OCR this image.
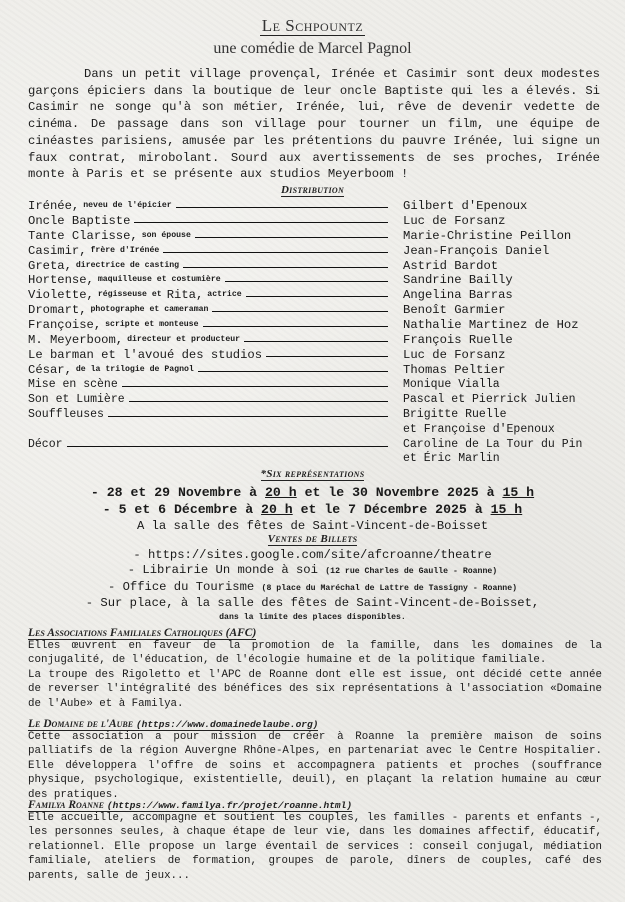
Le Schpountz
une comédie de Marcel Pagnol

Dans un petit village provençal, Irénée et Casimir sont deux modestes garçons épiciers dans la boutique de leur oncle Baptiste qui les a élevés. Si Casimir ne songe qu'à son métier, Irénée, lui, rêve de devenir vedette de cinéma. De passage dans son village pour tourner un film, une équipe de cinéastes parisiens, amusée par les prétentions du pauvre Irénée, lui signe un faux contrat, mirobolant. Sourd aux avertissements de ses proches, Irénée monte à Paris et se présente aux studios Meyerboom !

Distribution
Irénée, neveu de l'épicier	Gilbert d'Epenoux
Oncle Baptiste	Luc de Forsanz
Tante Clarisse, son épouse	Marie-Christine Peillon
Casimir, frère d'Irénée	Jean-François Daniel
Greta, directrice de casting	Astrid Bardot
Hortense, maquilleuse et costumière	Sandrine Bailly
Violette, régisseuse et Rita, actrice	Angelina Barras
Dromart, photographe et cameraman	Benoît Garmier
Françoise, scripte et monteuse	Nathalie Martinez de Hoz
M. Meyerboom, directeur et producteur	François Ruelle
Le barman et l'avoué des studios	Luc de Forsanz
César, de la trilogie de Pagnol	Thomas Peltier
Mise en scène	Monique Vialla
Son et Lumière	Pascal et Pierrick Julien
Souffleuses	Brigitte Ruelle
et Françoise d'Epenoux
Décor	Caroline de La Tour du Pin
et Éric Marlin
*Six représentations
- 28 et 29 Novembre à 20 h et le 30 Novembre 2025 à 15 h
- 5 et 6 Décembre à 20 h et le 7 Décembre 2025 à 15 h
A la salle des fêtes de Saint-Vincent-de-Boisset
Ventes de Billets
- https://sites.google.com/site/afcroanne/theatre
- Librairie Un monde à soi (12 rue Charles de Gaulle - Roanne)
- Office du Tourisme (8 place du Maréchal de Lattre de Tassigny - Roanne)
- Sur place, à la salle des fêtes de Saint-Vincent-de-Boisset,
dans la limite des places disponibles.
Les Associations Familiales Catholiques (AFC)

Elles œuvrent en faveur de la promotion de la famille, dans les domaines de la conjugalité, de l'éducation, de l'écologie humaine et de la politique familiale.

La troupe des Rigoletto et l'APC de Roanne dont elle est issue, ont décidé cette année de reverser l'intégralité des bénéfices des six représentations à l'association «Domaine de l'Aube» et à Familya.

Le Domaine de l'Aube (https://www.domainedelaube.org)

Cette association a pour mission de créer à Roanne la première maison de soins palliatifs de la région Auvergne Rhône-Alpes, en partenariat avec le Centre Hospitalier. Elle développera l'offre de soins et accompagnera patients et proches (souffrance physique, psychologique, existentielle, deuil), en plaçant la relation humaine au cœur des pratiques.

Familya Roanne (https://www.familya.fr/projet/roanne.html)

Elle accueille, accompagne et soutient les couples, les familles - parents et enfants -, les personnes seules, à chaque étape de leur vie, dans les domaines affectif, éducatif, relationnel. Elle propose un large éventail de services : conseil conjugal, médiation familiale, ateliers de formation, groupes de parole, dîners de couples, café des parents, salle de jeux...
